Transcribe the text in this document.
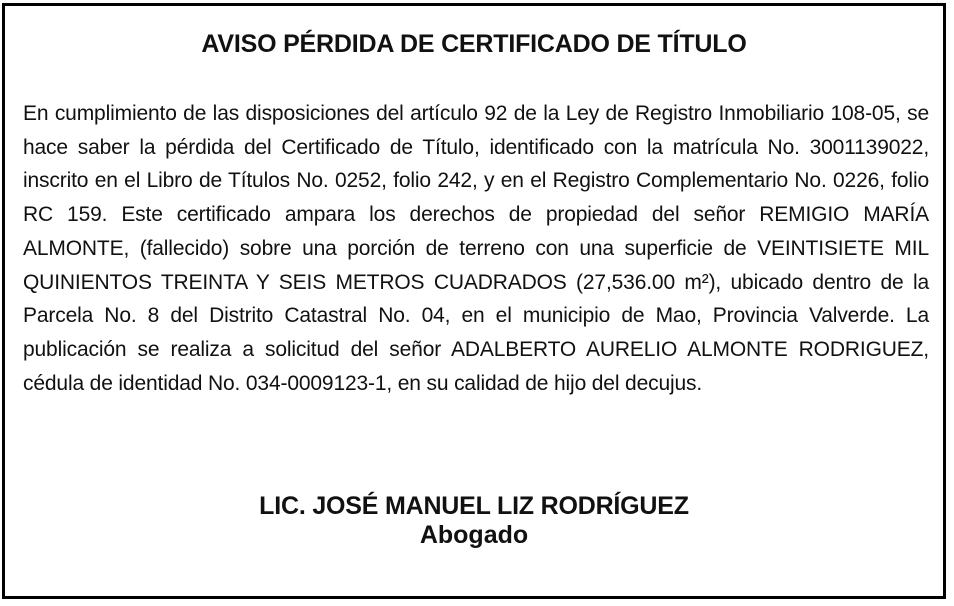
AVISO PÉRDIDA DE CERTIFICADO DE TÍTULO

En cumplimiento de las disposiciones del artículo 92 de la Ley de Registro Inmobiliario 108-05, se hace saber la pérdida del Certificado de Título, identificado con la matrícula No. 3001139022, inscrito en el Libro de Títulos No. 0252, folio 242, y en el Registro Complementario No. 0226, folio RC 159. Este certificado ampara los derechos de propiedad del señor REMIGIO MARÍA ALMONTE, (fallecido) sobre una porción de terreno con una superficie de VEINTISIETE MIL QUINIENTOS TREINTA Y SEIS METROS CUADRADOS (27,536.00 m²), ubicado dentro de la Parcela No. 8 del Distrito Catastral No. 04, en el municipio de Mao, Provincia Valverde. La publicación se realiza a solicitud del señor ADALBERTO AURELIO ALMONTE RODRIGUEZ, cédula de identidad No. 034-0009123-1, en su calidad de hijo del decujus.

LIC. JOSÉ MANUEL LIZ RODRÍGUEZ
Abogado
